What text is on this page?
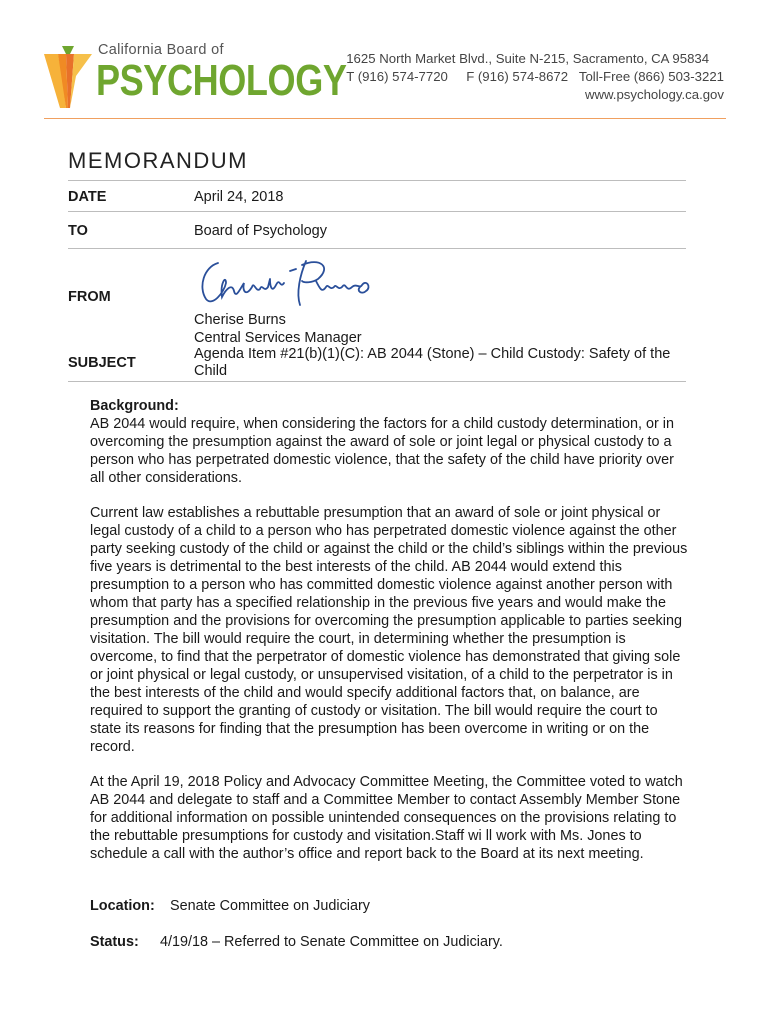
California Board of
PSYCHOLOGY 1625 North Market Blvd., Suite N-215, Sacramento, CA 95834
T (916) 574-7720     F (916) 574-8672   Toll-Free (866) 503-3221
www.psychology.ca.gov
MEMORANDUM
DATE	April 24, 2018
TO	Board of Psychology
FROM
Cherise Burns
Central Services Manager
SUBJECT
Agenda Item #21(b)(1)(C): AB 2044 (Stone) – Child Custody: Safety of the Child
Background:

AB 2044 would require, when considering the factors for a child custody determination, or in overcoming the presumption against the award of sole or joint legal or physical custody to a person who has perpetrated domestic violence, that the safety of the child have priority over all other considerations.

Current law establishes a rebuttable presumption that an award of sole or joint physical or legal custody of a child to a person who has perpetrated domestic violence against the other party seeking custody of the child or against the child or the child’s siblings within the previous five years is detrimental to the best interests of the child. AB 2044 would extend this presumption to a person who has committed domestic violence against another person with whom that party has a specified relationship in the previous five years and would make the presumption and the provisions for overcoming the presumption applicable to parties seeking visitation. The bill would require the court, in determining whether the presumption is overcome, to find that the perpetrator of domestic violence has demonstrated that giving sole or joint physical or legal custody, or unsupervised visitation, of a child to the perpetrator is in the best interests of the child and would specify additional factors that, on balance, are required to support the granting of custody or visitation. The bill would require the court to state its reasons for finding that the presumption has been overcome in writing or on the record.

At the April 19, 2018 Policy and Advocacy Committee Meeting, the Committee voted to watch AB 2044 and delegate to staff and a Committee Member to contact Assembly Member Stone for additional information on possible unintended consequences on the provisions relating to the rebuttable presumptions for custody and visitation.Staff wi ll work with Ms. Jones to schedule a call with the author’s office and report back to the Board at its next meeting.

Location: Senate Committee on Judiciary
Status: 4/19/18 – Referred to Senate Committee on Judiciary.
